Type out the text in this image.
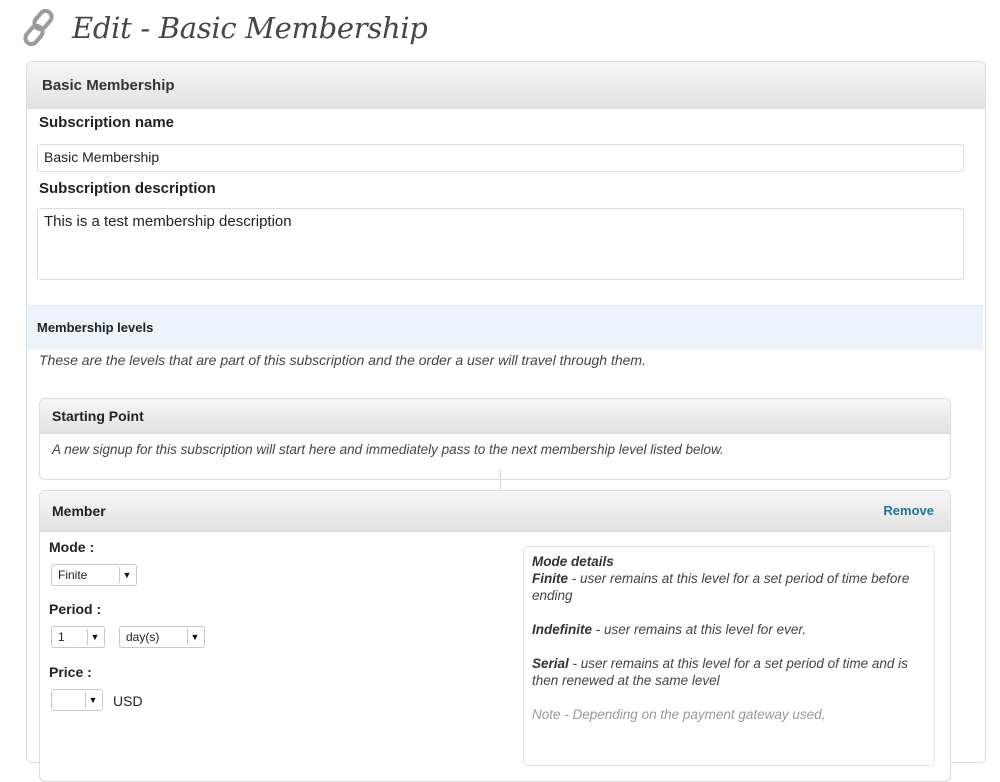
Edit - Basic Membership
Basic Membership
Subscription name
Basic Membership
Subscription description
This is a test membership description
Membership levels
These are the levels that are part of this subscription and the order a user will travel through them.
Starting Point
A new signup for this subscription will start here and immediately pass to the next membership level listed below.
Member	Remove
Mode :
Finite	▼
Period :
1	▼ day(s)	▼
Price :
▼ USD
Mode details
Finite - user remains at this level for a set period of time before ending
Indefinite - user remains at this level for ever.
Serial - user remains at this level for a set period of time and is then renewed at the same level
Note - Depending on the payment gateway used,
